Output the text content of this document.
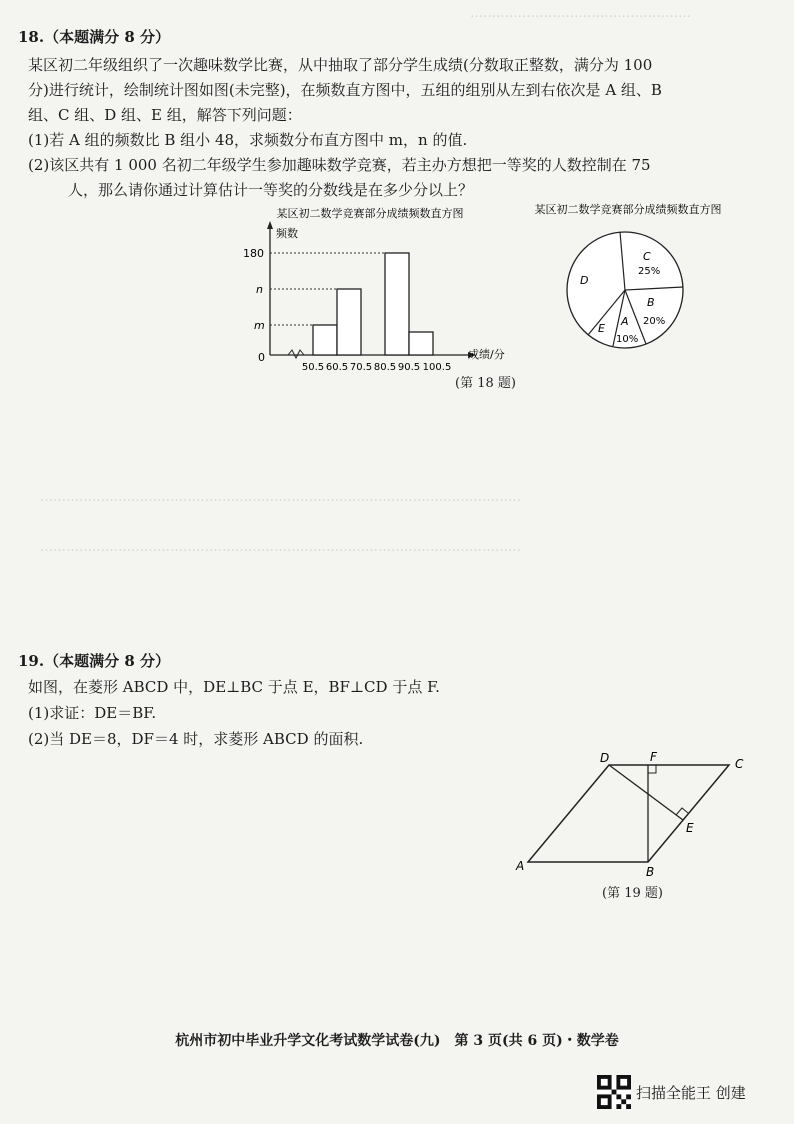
……………………………………………
…………………………………………………………………………………………………
…………………………………………………………………………………………………
18.（本题满分 8 分）
某区初二年级组织了一次趣味数学比赛，从中抽取了部分学生成绩(分数取正整数，满分为 100
分)进行统计，绘制统计图如图(未完整)，在频数直方图中，五组的组别从左到右依次是 A 组、B
组、C 组、D 组、E 组，解答下列问题：
(1)若 A 组的频数比 B 组小 48，求频数分布直方图中 m，n 的值.
(2)该区共有 1 000 名初二年级学生参加趣味数学竞赛，若主办方想把一等奖的人数控制在 75
人，那么请你通过计算估计一等奖的分数线是在多少分以上？
某区初二数学竞赛部分成绩频数直方图
频数
0	成绩/分
180
n
m
50.5 60.5 70.5 80.5 90.5 100.5
某区初二数学竞赛部分成绩频数直方图
C
25%
B
20%
A
10%
D
E
(第 18 题)
19.（本题满分 8 分）
如图，在菱形 ABCD 中，DE⊥BC 于点 E，BF⊥CD 于点 F.
(1)求证：DE＝BF.
(2)当 DE＝8，DF＝4 时，求菱形 ABCD 的面积.
A	B
C
D
E
F
(第 19 题)
杭州市初中毕业升学文化考试数学试卷(九)　第 3 页(共 6 页)・数学卷
扫描全能王 创建
